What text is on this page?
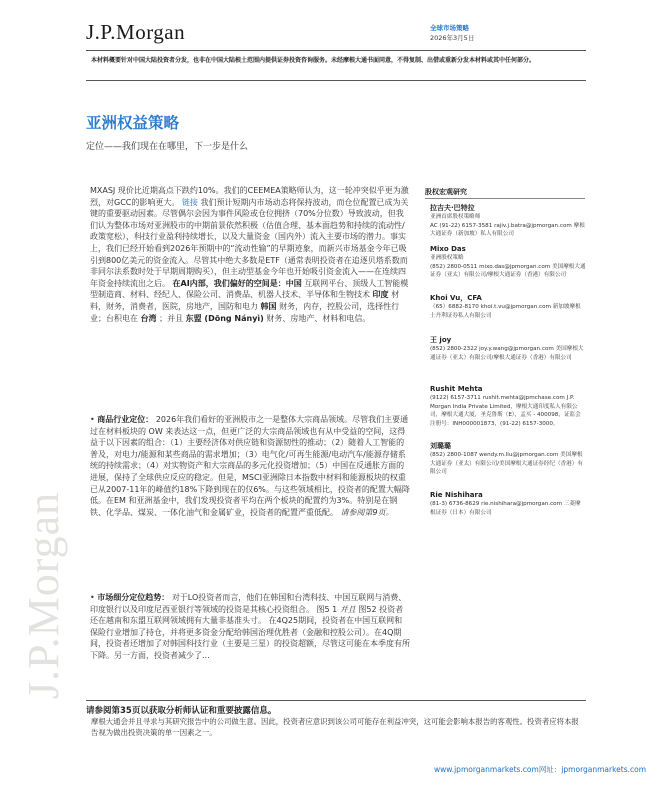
J.P.Morgan	全球市场策略
2026年3月5日
本材料概要针对中国大陆投资者分发，也非在中国大陆根土范围内提供证券投资咨询服务。未经摩根大通书面同意，不得复制、出借或重新分发本材料或其中任何部分。
亚洲权益策略
定位——我们现在在哪里，下一步是什么
J.P.Morgan
MXASJ 现价比近期高点下跌约10%。我们的CEEMEA策略师认为，这一轮冲突似乎更为激烈，对GCC的影响更大。 链接 我们预计短期内市场动态将保持波动，而仓位配置已成为关键的重要驱动因素。尽管偶尔会因为事件风险或仓位拥挤（70%分位数）导致波动，但我们认为整体市场对亚洲股市的中期前景依然积极（估值合理、基本面趋势和持续的流动性/政策宽松），科技行业盈利持续增长，以及大量资金（国内外）流入主要市场的潜力。事实上，我们已经开始看到2026年预期中的“流动性输”的早期迹象，而新兴市场基金今年已吸引到800亿美元的资金流入。尽管其中绝大多数是ETF（通常表明投资者在追逐贝塔系数而非同尔法系数时处于早期周期购买），但主动型基金今年也开始吸引资金流入——在连续四年资金持续流出之后。 在AI内部，我们偏好的空间是：中国 互联网平台、顶级人工智能模型制造商、材料、经纪人、保险公司、消费品、机器人技术、半导体和生物技术 印度 材料，财务，消费者，医院，房地产，国防和电力 韩国 财务，内存，控股公司，选择性行业；台积电在 台湾 ；并且 东盟 (Dōng Nányì) 财务、房地产、材料和电信。
• 商品行业定位： 2026年我们看好的亚洲股市之一是整体大宗商品领域。尽管我们主要通过在材料板块的 OW 来表达这一点，但更广泛的大宗商品领域也有从中受益的空间，这得益于以下因素的组合：（1）主要经济体对供应链和资源韧性的推动；（2）随着人工智能的普及，对电力/能源和某些商品的需求增加；（3）电气化/可再生能源/电动汽车/能源存储系统的持续需求；（4）对实物资产和大宗商品的多元化投资增加；（5）中国在反通胀方面的进展，保持了全球供应反应的稳定。但是，MSCI亚洲除日本指数中材料和能源板块的权重已从2007-11年的峰值约18%下降到现在的仅6%。与这些领域相比，投资者的配置大幅降低。在EM 和亚洲基金中，我们发现投资者平均在两个板块的配置约为3%。特别是在钢铁、化学品、煤炭、一体化油气和金属矿业，投资者的配置严重低配。 请参阅第9页。
• 市场细分定位趋势： 对于LO投资者而言，他们在韩国和台湾科技、中国互联网与消费、印度银行以及印度尼西亚银行等领域的投资是其核心投资组合。 图5 1 并且 图52 投资者还在越南和东盟互联网领域拥有大量非基准头寸。 在4Q25期间，投资者在中国互联网和保险行业增加了持仓，并将更多资金分配给韩国治理优胜者（金融和控股公司）。在4Q期间，投资者还增加了对韩国科技行业（主要是三星）的投资超额，尽管这可能在本季度有所下降。另一方面，投资者减少了...
股权宏观研究
拉吉夫·巴特拉
亚洲首席股权策略师
AC (91-22) 6157-3581 rajiv.j.batra@jpmorgan.com 摩根大通证券（新加坡）私人有限公司
Mixo Das
亚洲股权策略
(852) 2800-0511 mixo.das@jpmorgan.com 美国摩根大通证券（亚太）有限公司/摩根大通证券（香港）有限公司
Khoi Vu，CFA
（65）6882-8170 khoi.t.vu@jpmorgan.com 新加坡摩根士丹利证券私人有限公司
王 joy
(852) 2800-2322 joy.y.wang@jpmorgan.com 美国摩根大通证券（亚太）有限公司/摩根大通证券（香港）有限公司
Rushit Mehta
(9122) 6157-3711 rushit.mehta@jpmchase.com J.P. Morgan India Private Limited，摩根大通印度私人有限公司，摩根大通大厦，圣克鲁斯（E），孟买 - 400098，证监会注册号：INH000001873，(91-22) 6157-3000。
刘璐璐
(852) 2800-1087 wendy.m.liu@jpmorgan.com 美国摩根大通证券（亚太）有限公司/美国摩根大通证券经纪（香港）有限公司
Rie Nishihara
(81-3) 6736-8629 rie.nishihara@jpmorgan.com 三菱摩根证券（日本）有限公司
请参阅第35页以获取分析师认证和重要披露信息。
摩根大通会并且寻求与其研究报告中的公司做生意。因此，投资者应意识到该公司可能存在利益冲突，这可能会影响本报告的客观性。投资者应将本报告视为做出投资决策的单一因素之一。
www.jpmorganmarkets.com网址：jpmorganmarkets.com
